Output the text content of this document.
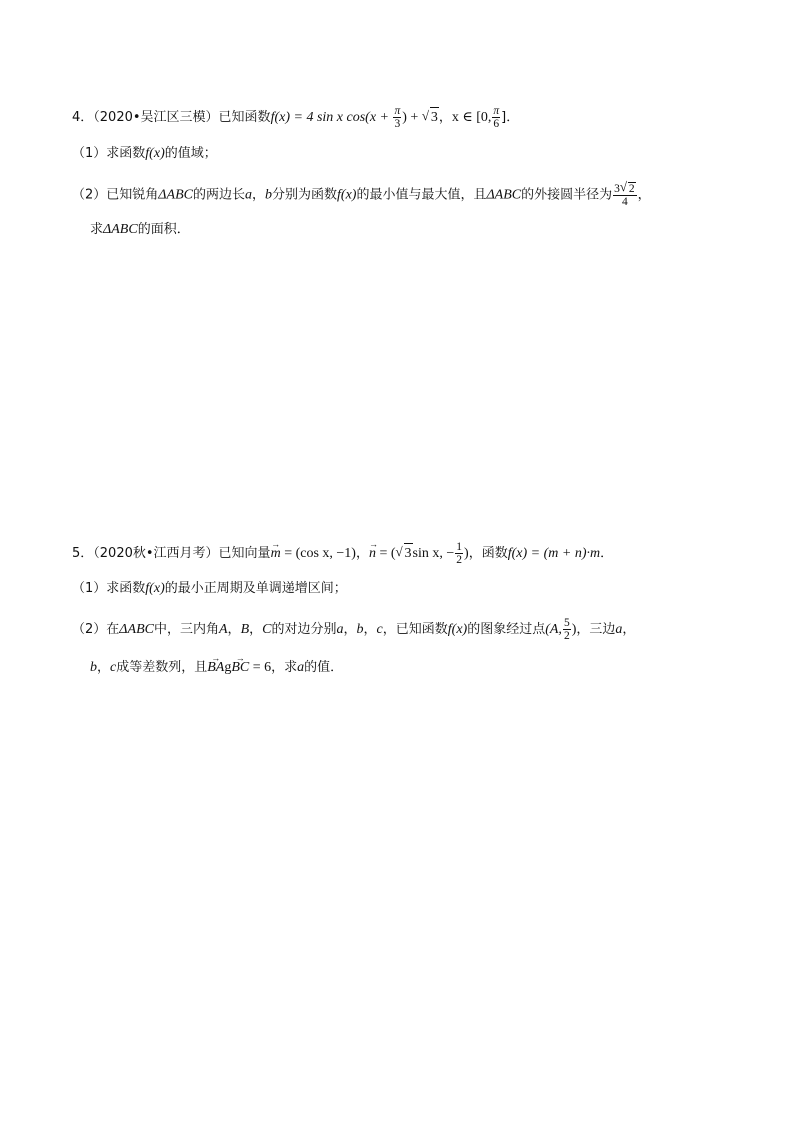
4．（2020•吴江区三模）已知函数f(x) = 4 sin x $\cos(x + \frac{\pi}{3}$ ) + √ 3，x ∈ [0, $\frac{\pi}{6}$ ]．
（1）求函数f(x)的值域；
（2）已知锐角ΔABC的两边长a，b分别为函数f(x)的最小值与最大值，且ΔABC的外接圆半径为 $\frac{3 √ 2}{4}$ ，
求ΔABC的面积．
5．（2020秋•江西月考）已知向量→ m = (cos x, −1)，→ n = ( √ 3sin x, − $\frac{1}{2}$ )，函数f(x) = (m + n)·m．
（1）求函数f(x)的最小正周期及单调递增区间；
（2）在ΔABC中，三内角A，B，C的对边分别a，b，c，已知函数f(x)的图象经过点(A, $\frac{5}{2}$ )，三边a，
b，c成等差数列，且→ BAg→ BC = 6，求a的值．
